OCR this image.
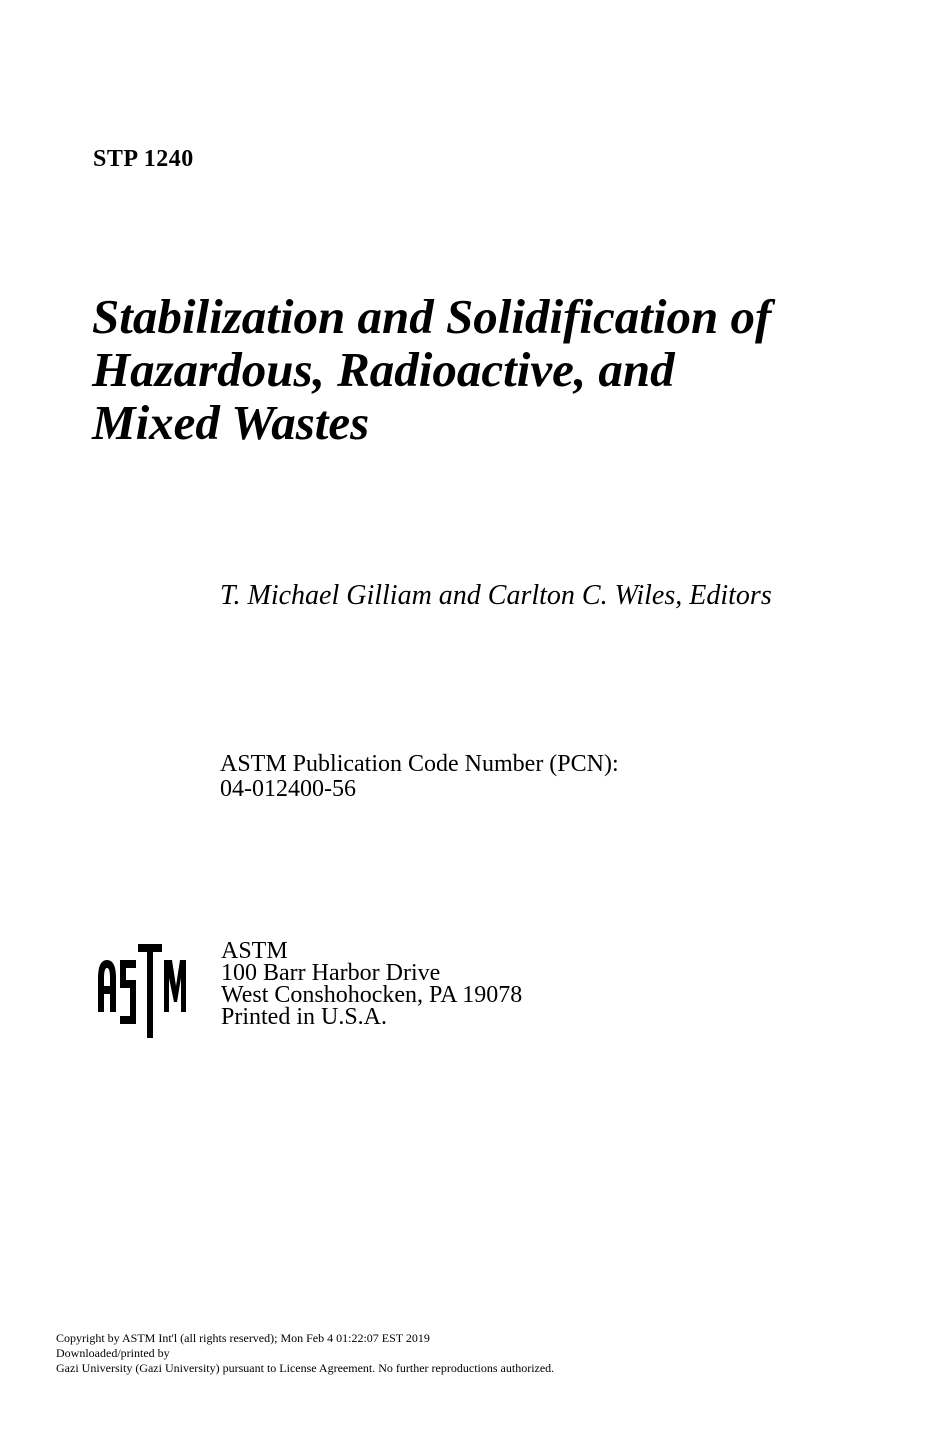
STP 1240
Stabilization and Solidification of
Hazardous, Radioactive, and
Mixed Wastes
T. Michael Gilliam and Carlton C. Wiles, Editors
ASTM Publication Code Number (PCN):
04-012400-56
ASTM
100 Barr Harbor Drive
West Conshohocken, PA 19078
Printed in U.S.A.
Copyright by ASTM Int'l (all rights reserved); Mon Feb 4 01:22:07 EST 2019
Downloaded/printed by
Gazi University (Gazi University) pursuant to License Agreement. No further reproductions authorized.
